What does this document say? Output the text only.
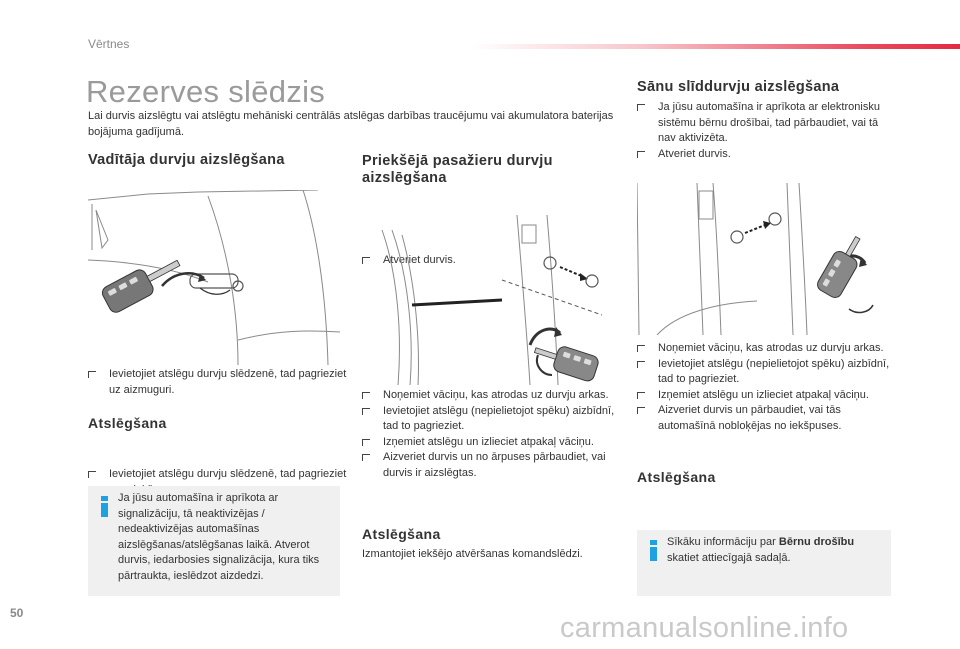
Vērtnes
Rezerves slēdzis
Lai durvis aizslēgtu vai atslēgtu mehāniski centrālās atslēgas darbības traucējumu vai akumulatora baterijas bojājuma gadījumā.
Vadītāja durvju aizslēgšana
Ievietojiet atslēgu durvju slēdzenē, tad pagrieziet uz aizmuguri.
Atslēgšana
Ievietojiet atslēgu durvju slēdzenē, tad pagrieziet
Ja jūsu automašīna ir aprīkota ar signalizāciju, tā neaktivizējas / nedeaktivizējas automašīnas aizslēgšanas/atslēgšanas laikā. Atverot durvis, iedarbosies signalizācija, kura tiks pārtraukta, ieslēdzot aizdedzi.
Priekšējā pasažieru durvju aizslēgšana
Atveriet durvis.
Noņemiet vāciņu, kas atrodas uz durvju arkas.
Ievietojiet atslēgu (nepielietojot spēku) aizbīdnī, tad to pagrieziet.
Izņemiet atslēgu un izlieciet atpakaļ vāciņu.
Aizveriet durvis un no ārpuses pārbaudiet, vai durvis ir aizslēgtas.
Atslēgšana
Izmantojiet iekšējo atvēršanas komandslēdzi.
Sānu slīddurvju aizslēgšana
Ja jūsu automašīna ir aprīkota ar elektronisku sistēmu bērnu drošībai, tad pārbaudiet, vai tā nav aktivizēta.
Atveriet durvis.
Noņemiet vāciņu, kas atrodas uz durvju arkas.
Ievietojiet atslēgu (nepielietojot spēku) aizbīdnī, tad to pagrieziet.
Izņemiet atslēgu un izlieciet atpakaļ vāciņu.
Aizveriet durvis un pārbaudiet, vai tās automašīnā nobloķējas no iekšpuses.
Atslēgšana
Sīkāku informāciju par Bērnu drošību skatiet attiecīgajā sadaļā.
50	carmanualsonline.info
